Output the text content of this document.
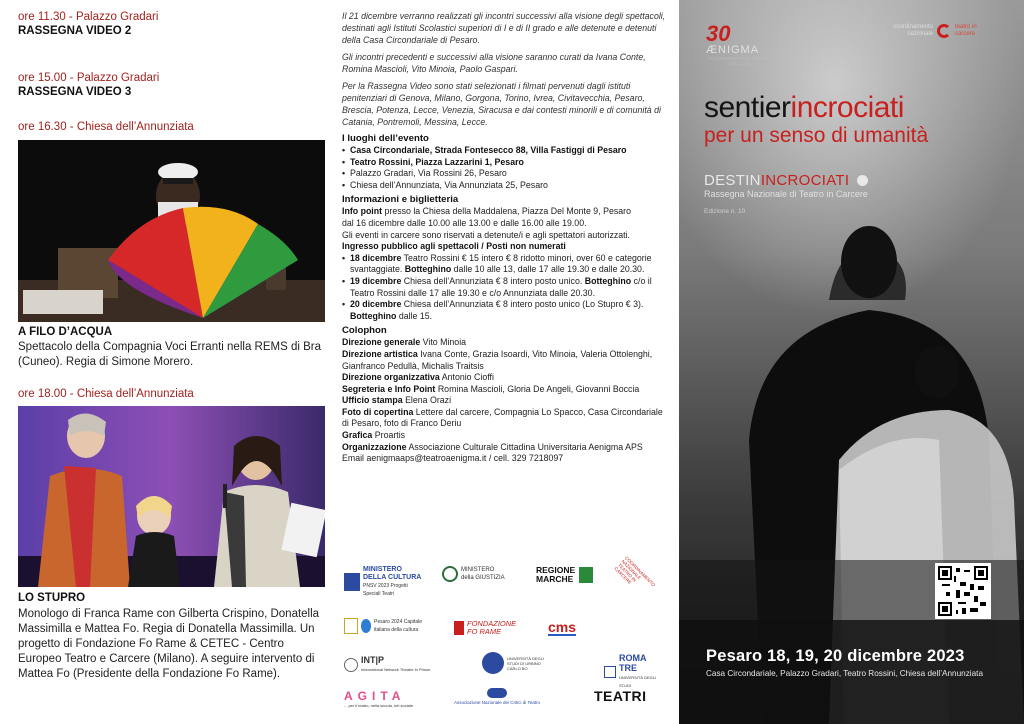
ore 11.30 - Palazzo Gradari
RASSEGNA VIDEO 2
ore 15.00 - Palazzo Gradari
RASSEGNA VIDEO 3
ore 16.30 - Chiesa dell’Annunziata
A FILO D’ACQUA
Spettacolo della Compagnia Voci Erranti nella REMS di Bra (Cuneo). Regia di Simone Morero.
ore 18.00 - Chiesa dell’Annunziata
LO STUPRO
Monologo di Franca Rame con Gilberta Crispino, Donatella Massimilla e Mattea Fo. Regia di Donatella Massimilla. Un progetto di Fondazione Fo Rame & CETEC - Centro Europeo Teatro e Carcere (Milano). A seguire intervento di Mattea Fo (Presidente della Fondazione Fo Rame).

Il 21 dicembre verranno realizzati gli incontri successivi alla visione degli spettacoli, destinati agli Istituti Scolastici superiori di I e di II grado e alle detenute e detenuti della Casa Circondariale di Pesaro.

Gli incontri precedenti e successivi alla visione saranno curati da Ivana Conte, Romina Mascioli, Vito Minoia, Paolo Gaspari.

Per la Rassegna Video sono stati selezionati i filmati pervenuti dagli istituti penitenziari di Genova, Milano, Gorgona, Torino, Ivrea, Civitavecchia, Pesaro, Brescia, Potenza, Lecce, Venezia, Siracusa e dai contesti minorili e di comunità di Catania, Pontremoli, Messina, Lecce.

I luoghi dell’evento
• Casa Circondariale, Strada Fontesecco 88, Villa Fastiggi di Pesaro
• Teatro Rossini, Piazza Lazzarini 1, Pesaro
• Palazzo Gradari, Via Rossini 26, Pesaro
• Chiesa dell’Annunziata, Via Annunziata 25, Pesaro
Informazioni e biglietteria
Info point presso la Chiesa della Maddalena, Piazza Del Monte 9, Pesaro
dal 16 dicembre dalle 10.00 alle 13.00 e dalle 16.00 alle 19.00.
Gli eventi in carcere sono riservati a detenute/i e agli spettatori autorizzati.
Ingresso pubblico agli spettacoli / Posti non numerati
• 18 dicembre Teatro Rossini € 15 intero € 8 ridotto minori, over 60 e categorie svantaggiate. Botteghino dalle 10 alle 13, dalle 17 alle 19.30 e dalle 20.30.
• 19 dicembre Chiesa dell’Annunziata € 8 intero posto unico. Botteghino c/o il Teatro Rossini dalle 17 alle 19.30 e c/o Annunziata dalle 20.30.
• 20 dicembre Chiesa dell’Annunziata € 8 intero posto unico (Lo Stupro € 3). Botteghino dalle 15.
Colophon
Direzione generale Vito Minoia
Direzione artistica Ivana Conte, Grazia Isoardi, Vito Minoia, Valeria Ottolenghi, Gianfranco Pedullà, Michalis Traitsis
Direzione organizzativa Antonio Cioffi
Segreteria e Info Point Romina Mascioli, Gloria De Angeli, Giovanni Boccia
Ufficio stampa Elena Orazi
Foto di copertina Lettere dal carcere, Compagnia Lo Spacco, Casa Circondariale di Pesaro, foto di Franco Deriu
Grafica Proartis
Organizzazione Associazione Culturale Cittadina Universitaria Aenigma APS
Email aenigmaaps@teatroaenigma.it / cell. 329 7218097
MINISTERO DELLA CULTURA
PNSV 2023 Progetti Speciali Teatri
MINISTERO della GIUSTIZIA
REGIONE MARCHE	COORDINAMENTO NAZIONALE TEATRO IN CARCERE
Pesaro 2024 Capitale italiana della cultura
FONDAZIONE FO RAME	cms
INT|P
International Network Theatre in Prison
UNIVERSITÀ DEGLI STUDI DI URBINO CARLO BO
ROMA TRE
UNIVERSITÀ DEGLI STUDI
AGITA
... per il teatro, nella scuola, nel sociale
Associazione Nazionale dei Critici di Teatro	TEATRI
30
ÆNIGMA
ALL'UNIVERSITÀ DI URBINO CARLO BO
coordinamento nazionale
teatro in carcere
sentierincrociati
per un senso di umanità
DESTININCROCIATI
Rassegna Nazionale di Teatro in Carcere
Edizione n. 10
Pesaro 18, 19, 20 dicembre 2023
Casa Circondariale, Palazzo Gradari, Teatro Rossini, Chiesa dell’Annunziata
